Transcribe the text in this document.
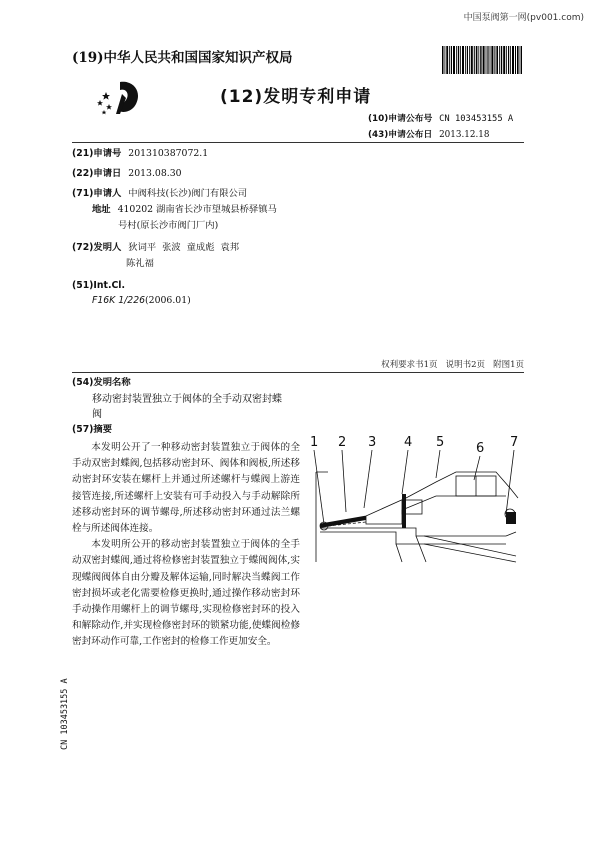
中国泵阀第一网(pv001.com)
(19)中华人民共和国国家知识产权局
(12)发明专利申请
(10)申请公布号 CN 103453155 A
(43)申请公布日 2013.12.18
(21)申请号 201310387072.1
(22)申请日 2013.08.30
(71)申请人 中阀科技(长沙)阀门有限公司
地址 410202 湖南省长沙市望城县桥驿镇马
号村(原长沙市阀门厂内)
(72)发明人 狄词平  张波  童成彪  袁邦
陈礼福
(51)Int.Cl.
F16K 1/226(2006.01)
权利要求书1页   说明书2页   附图1页
(54)发明名称
移动密封装置独立于阀体的全手动双密封蝶
阀
(57)摘要

本发明公开了一种移动密封装置独立于阀体的全手动双密封蝶阀,包括移动密封环、阀体和阀板,所述移动密封环安装在螺杆上并通过所述螺杆与蝶阀上游连接管连接,所述螺杆上安装有可手动投入与手动解除所述移动密封环的调节螺母,所述移动密封环通过法兰螺栓与所述阀体连接。

本发明所公开的移动密封装置独立于阀体的全手动双密封蝶阀,通过将检修密封装置独立于蝶阀阀体,实现蝶阀阀体自由分瓣及解体运输,同时解决当蝶阀工作密封损坏或老化需要检修更换时,通过操作移动密封环手动操作用螺杆上的调节螺母,实现检修密封环的投入和解除动作,并实现检修密封环的锁紧功能,使蝶阀检修密封环动作可靠,工作密封的检修工作更加安全。

1 2 3 4 5 6 7
CN 103453155 A
